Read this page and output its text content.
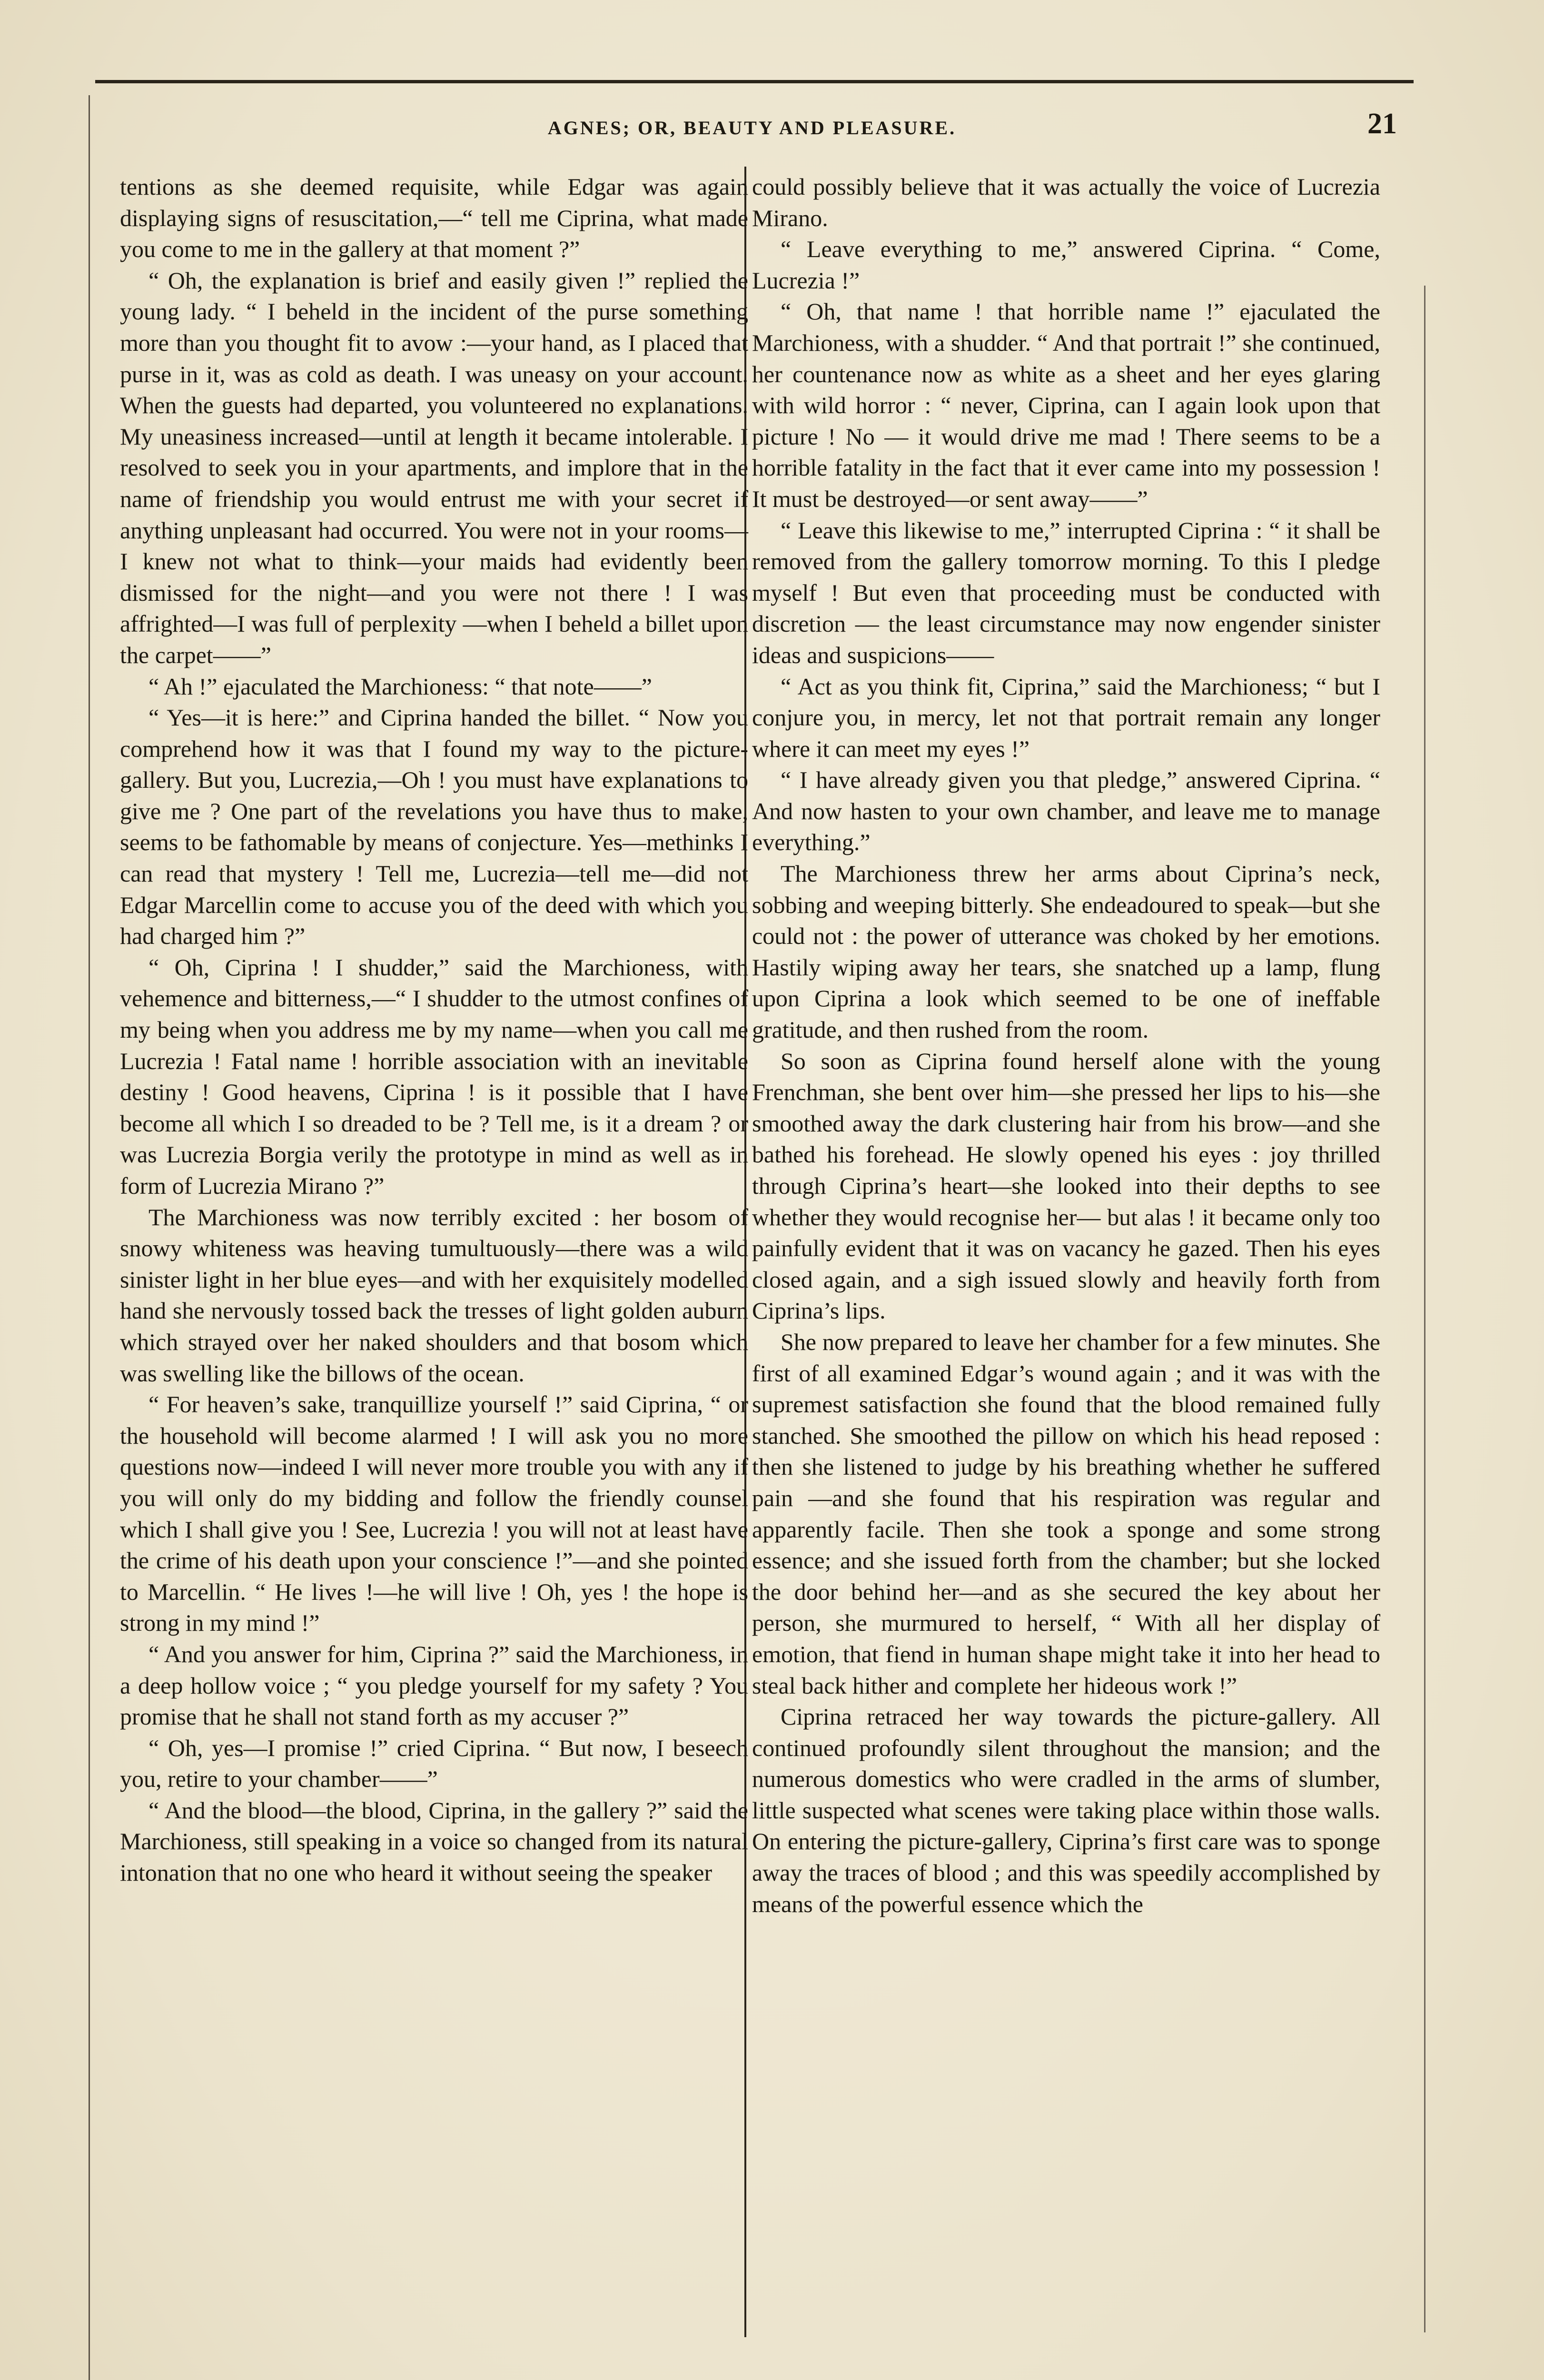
AGNES; OR, BEAUTY AND PLEASURE.	21

tentions as she deemed requisite, while Edgar was again displaying signs of resuscitation,—“ tell me Ciprina, what made you come to me in the gallery at that moment ?”

“ Oh, the explanation is brief and easily given !” replied the young lady. “ I beheld in the incident of the purse something more than you thought fit to avow :—your hand, as I placed that purse in it, was as cold as death. I was uneasy on your account. When the guests had departed, you volunteered no explanations. My uneasiness increased—until at length it became intolerable. I resolved to seek you in your apartments, and implore that in the name of friendship you would entrust me with your secret if anything unpleasant had occurred. You were not in your rooms—I knew not what to think—your maids had evidently been dismissed for the night—and you were not there ! I was affrighted—I was full of perplexity —when I beheld a billet upon the carpet——”

“ Ah !” ejaculated the Marchioness: “ that note——”

“ Yes—it is here:” and Ciprina handed the billet. “ Now you comprehend how it was that I found my way to the picture-gallery. But you, Lucrezia,—Oh ! you must have explanations to give me ? One part of the revelations you have thus to make, seems to be fathomable by means of conjecture. Yes—methinks I can read that mystery ! Tell me, Lucrezia—tell me—did not Edgar Marcellin come to accuse you of the deed with which you had charged him ?”

“ Oh, Ciprina ! I shudder,” said the Marchioness, with vehemence and bitterness,—“ I shudder to the utmost confines of my being when you address me by my name—when you call me Lucrezia ! Fatal name ! horrible association with an inevitable destiny ! Good heavens, Ciprina ! is it possible that I have become all which I so dreaded to be ? Tell me, is it a dream ? or was Lucrezia Borgia verily the prototype in mind as well as in form of Lucrezia Mirano ?”

The Marchioness was now terribly excited : her bosom of snowy whiteness was heaving tumultuously—there was a wild sinister light in her blue eyes—and with her exquisitely modelled hand she nervously tossed back the tresses of light golden auburn which strayed over her naked shoulders and that bosom which was swelling like the billows of the ocean.

“ For heaven’s sake, tranquillize yourself !” said Ciprina, “ or the household will become alarmed ! I will ask you no more questions now—indeed I will never more trouble you with any if you will only do my bidding and follow the friendly counsel which I shall give you ! See, Lucrezia ! you will not at least have the crime of his death upon your conscience !”—and she pointed to Marcellin. “ He lives !—he will live ! Oh, yes ! the hope is strong in my mind !”

“ And you answer for him, Ciprina ?” said the Marchioness, in a deep hollow voice ; “ you pledge yourself for my safety ? You promise that he shall not stand forth as my accuser ?”

“ Oh, yes—I promise !” cried Ciprina. “ But now, I beseech you, retire to your chamber——”

“ And the blood—the blood, Ciprina, in the gallery ?” said the Marchioness, still speaking in a voice so changed from its natural intonation that no one who heard it without seeing the speaker

could possibly believe that it was actually the voice of Lucrezia Mirano.

“ Leave everything to me,” answered Ciprina. “ Come, Lucrezia !”

“ Oh, that name ! that horrible name !” ejaculated the Marchioness, with a shudder. “ And that portrait !” she continued, her countenance now as white as a sheet and her eyes glaring with wild horror : “ never, Ciprina, can I again look upon that picture ! No — it would drive me mad ! There seems to be a horrible fatality in the fact that it ever came into my possession ! It must be destroyed—or sent away——”

“ Leave this likewise to me,” interrupted Ciprina : “ it shall be removed from the gallery tomorrow morning. To this I pledge myself ! But even that proceeding must be conducted with discretion — the least circumstance may now engender sinister ideas and suspicions——

“ Act as you think fit, Ciprina,” said the Marchioness; “ but I conjure you, in mercy, let not that portrait remain any longer where it can meet my eyes !”

“ I have already given you that pledge,” answered Ciprina. “ And now hasten to your own chamber, and leave me to manage everything.”

The Marchioness threw her arms about Ciprina’s neck, sobbing and weeping bitterly. She endeadoured to speak—but she could not : the power of utterance was choked by her emotions. Hastily wiping away her tears, she snatched up a lamp, flung upon Ciprina a look which seemed to be one of ineffable gratitude, and then rushed from the room.

So soon as Ciprina found herself alone with the young Frenchman, she bent over him—she pressed her lips to his—she smoothed away the dark clustering hair from his brow—and she bathed his forehead. He slowly opened his eyes : joy thrilled through Ciprina’s heart—she looked into their depths to see whether they would recognise her— but alas ! it became only too painfully evident that it was on vacancy he gazed. Then his eyes closed again, and a sigh issued slowly and heavily forth from Ciprina’s lips.

She now prepared to leave her chamber for a few minutes. She first of all examined Edgar’s wound again ; and it was with the supremest satisfaction she found that the blood remained fully stanched. She smoothed the pillow on which his head reposed : then she listened to judge by his breathing whether he suffered pain —and she found that his respiration was regular and apparently facile. Then she took a sponge and some strong essence; and she issued forth from the chamber; but she locked the door behind her—and as she secured the key about her person, she murmured to herself, “ With all her display of emotion, that fiend in human shape might take it into her head to steal back hither and complete her hideous work !”

Ciprina retraced her way towards the picture-gallery. All continued profoundly silent throughout the mansion; and the numerous domestics who were cradled in the arms of slumber, little suspected what scenes were taking place within those walls. On entering the picture-gallery, Ciprina’s first care was to sponge away the traces of blood ; and this was speedily accomplished by means of the powerful essence which the
